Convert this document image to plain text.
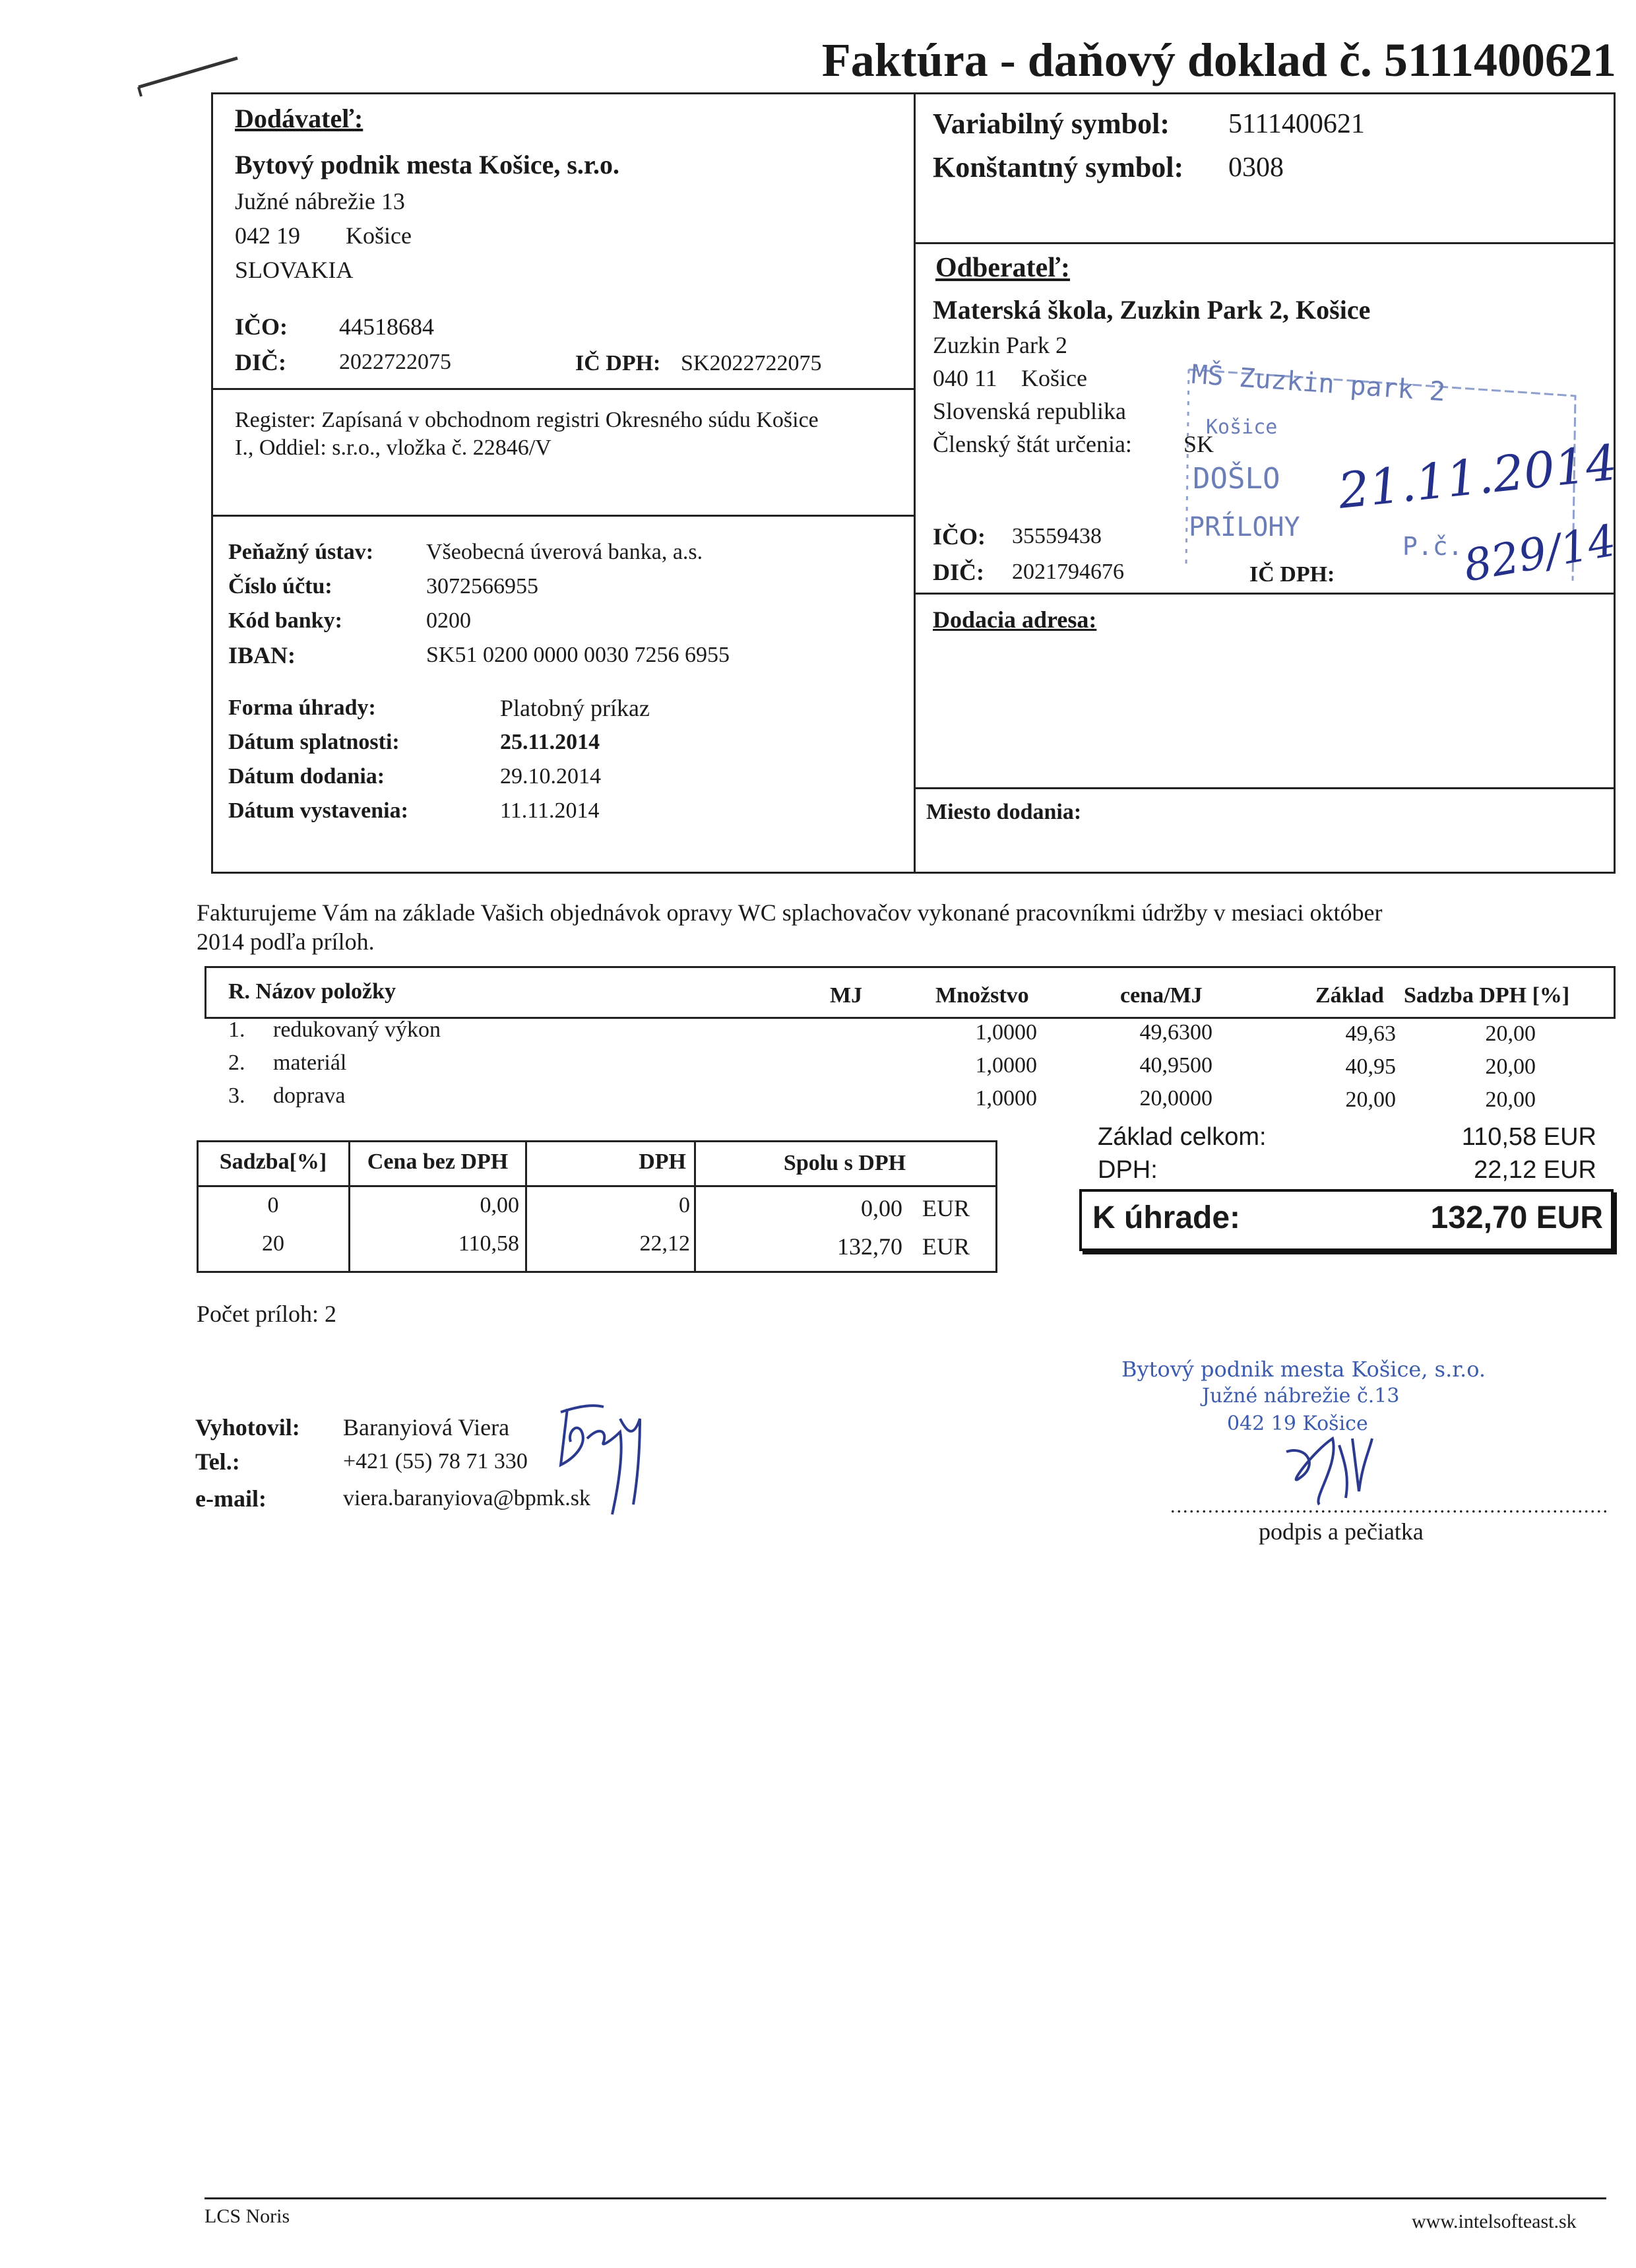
Faktúra - daňový doklad č. 5111400621
Dodávateľ:
Bytový podnik mesta Košice, s.r.o.
Južné nábrežie 13
042 19 Košice
SLOVAKIA
IČO: 44518684
DIČ: 2022722075	IČ DPH: SK2022722075
Register: Zapísaná v obchodnom registri Okresného súdu Košice
I., Oddiel: s.r.o., vložka č. 22846/V
Peňažný ústav: Všeobecná úverová banka, a.s.
Číslo účtu:	3072566955
Kód banky:	0200
IBAN:	SK51 0200 0000 0030 7256 6955
Forma úhrady:	Platobný príkaz
Dátum splatnosti:	25.11.2014
Dátum dodania:	29.10.2014
Dátum vystavenia:	11.11.2014
Variabilný symbol: 5111400621
Konštantný symbol: 0308
Odberateľ:
Materská škola, Zuzkin Park 2, Košice
Zuzkin Park 2
040 11 Košice
Slovenská republika
Členský štát určenia: SK
IČO: 35559438
DIČ: 2021794676	IČ DPH:
MŠ Zuzkin park 2
Košice
DOŠLO
PRÍLOHY
P.č.
21.11.2014
829/14
Dodacia adresa:
Miesto dodania:
Fakturujeme Vám na základe Vašich objednávok opravy WC splachovačov vykonané pracovníkmi údržby v mesiaci október
2014 podľa príloh.
R. Názov položky	MJ	Množstvo	cena/MJ	Základ Sadzba DPH [%]
1. redukovaný výkon	1,0000	49,6300	49,63	20,00
2. materiál	1,0000	40,9500	40,95	20,00
3. doprava	1,0000	20,0000	20,00	20,00
Sadzba[%]	Cena bez DPH	DPH	Spolu s DPH
0	0,00	0	0,00 EUR
20	110,58	22,12	132,70 EUR
Základ celkom:	110,58 EUR
DPH:	22,12 EUR
K úhrade:	132,70 EUR
Počet príloh: 2
Vyhotovil: Baranyiová Viera
Tel.:	+421 (55) 78 71 330
e-mail:	viera.baranyiova@bpmk.sk
Bytový podnik mesta Košice, s.r.o.
Južné nábrežie č.13
042 19 Košice
......................................................................
podpis a pečiatka
LCS Noris	www.intelsofteast.sk
